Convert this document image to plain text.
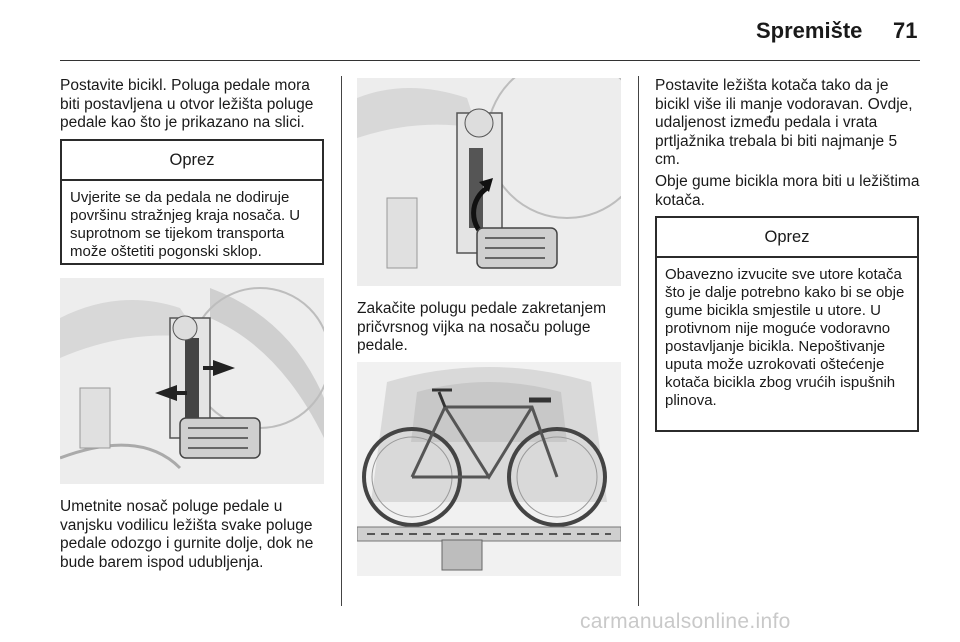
Spremište 71

Postavite bicikl. Poluga pedale mora biti postavljena u otvor ležišta poluge pedale kao što je prikazano na slici.

Oprez
Uvjerite se da pedala ne dodiruje površinu stražnjeg kraja nosača. U suprotnom se tijekom transporta može oštetiti pogonski sklop.

Umetnite nosač poluge pedale u vanjsku vodilicu ležišta svake poluge pedale odozgo i gurnite dolje, dok ne bude barem ispod udubljenja.

Zakačite polugu pedale zakretanjem pričvrsnog vijka na nosaču poluge pedale.

Postavite ležišta kotača tako da je bicikl više ili manje vodoravan. Ovdje, udaljenost između pedala i vrata prtljažnika trebala bi biti najmanje 5 cm.

Obje gume bicikla mora biti u ležištima kotača.

Oprez
Obavezno izvucite sve utore kotača što je dalje potrebno kako bi se obje gume bicikla smjestile u utore. U protivnom nije moguće vodoravno postavljanje bicikla. Nepoštivanje uputa može uzrokovati oštećenje kotača bicikla zbog vrućih ispušnih plinova.
carmanualsonline.info
